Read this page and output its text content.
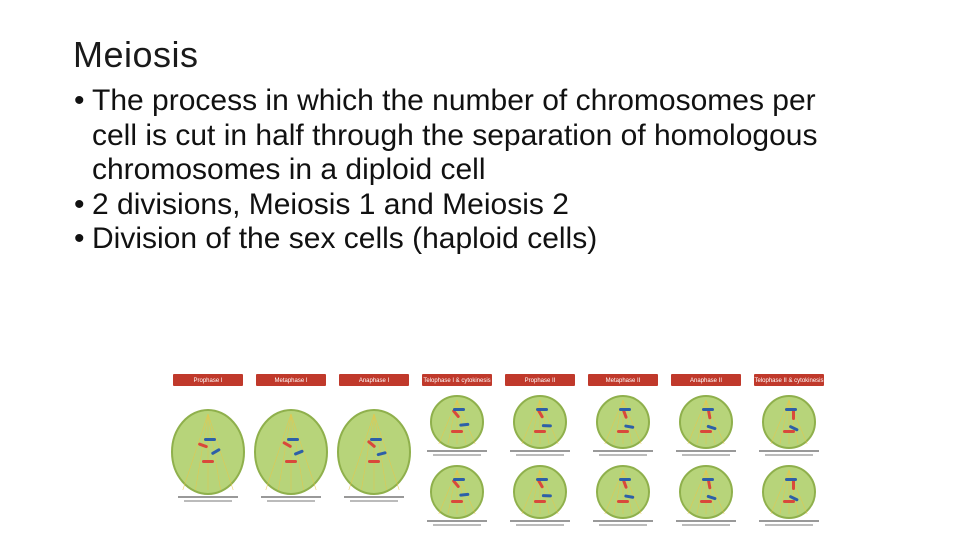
Meiosis
• The process in which the number of chromosomes per cell is cut in half through the separation of homologous chromosomes in a diploid cell
• 2 divisions, Meiosis 1 and Meiosis 2
• Division of the sex cells (haploid cells)
Prophase I	Metaphase I	Anaphase I	Telophase I & cytokinesis	Prophase II	Metaphase II	Anaphase II	Telophase II & cytokinesis
